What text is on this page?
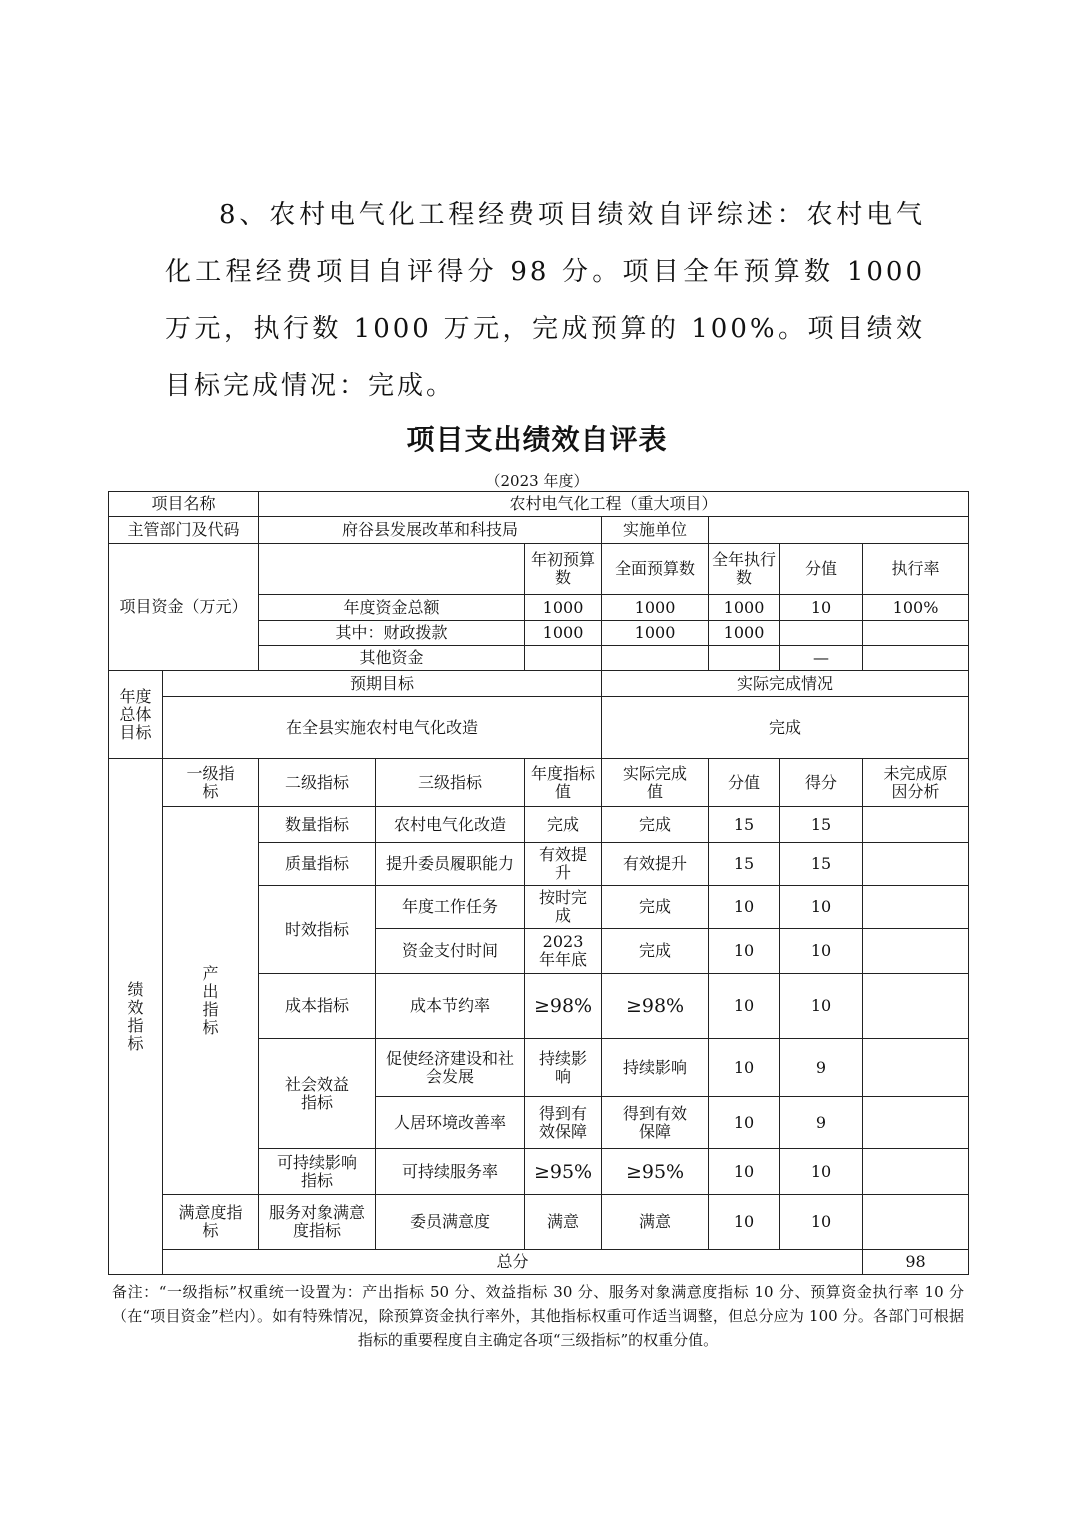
8、农村电气化工程经费项目绩效自评综述：农村电气化工程经费项目自评得分 98 分。项目全年预算数 1000 万元，执行数 1000 万元，完成预算的 100%。项目绩效目标完成情况：完成。

项目支出绩效自评表

（2023 年度）

项目名称		农村电气化工程（重大项目）							
主管部门及代码		府谷县发展改革和科技局			实施单位				
项目资金（万元）				年初预算数	全面预算数	全年执行数	分值	执行率	
		年度资金总额		1000	1000	1000	10	100%	
		其中：财政拨款		1000	1000	1000			
		其他资金					—		
年度总体目标	预期目标				实际完成情况				
	在全县实施农村电气化改造				完成				
绩效指标	一级指标	二级指标	三级指标	年度指标值	实际完成值	分值	得分	未完成原因分析	
	产出指标	数量指标	农村电气化改造	完成	完成	15	15		
		质量指标	提升委员履职能力	有效提升	有效提升	15	15		
		时效指标	年度工作任务	按时完成	完成	10	10		
			资金支付时间	2023 年年底	完成	10	10		
		成本指标	成本节约率	≥98%	≥98%	10	10		
		社会效益指标	促使经济建设和社会发展	持续影响	持续影响	10	9		
			人居环境改善率	得到有效保障	得到有效保障	10	9		
		可持续影响指标	可持续服务率	≥95%	≥95%	10	10		
	满意度指标	服务对象满意度指标	委员满意度	满意	满意	10	10		
	总分							98	

备注：“一级指标”权重统一设置为：产出指标 50 分、效益指标 30 分、服务对象满意度指标 10 分、预算资金执行率 10 分（在“项目资金”栏内）。如有特殊情况，除预算资金执行率外，其他指标权重可作适当调整，但总分应为 100 分。各部门可根据指标的重要程度自主确定各项“三级指标”的权重分值。
